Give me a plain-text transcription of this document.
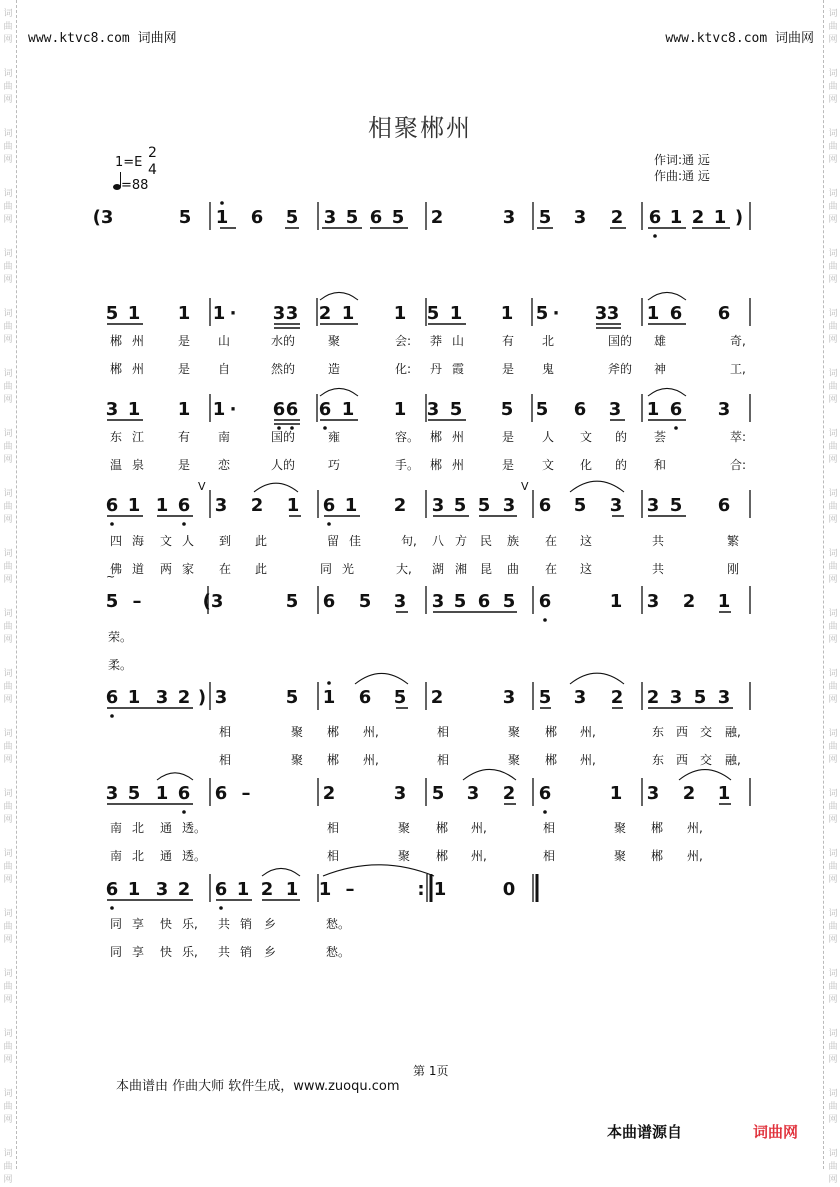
词
曲
网
词
曲
网
词
曲
网
词
曲
网
词
曲
网
词
曲
网
词
曲
网
词
曲
网
词
曲
网
词
曲
网
词
曲
网
词
曲
网
词
曲
网
词
曲
网
词
曲
网
词
曲
网
词
曲
网
词
曲
网
词
曲
网
词
曲
网
词
曲
网
词
曲
网
词
曲
网
词
曲
网
词
曲
网
词
曲
网
词
曲
网
词
曲
网
词
曲
网
词
曲
网
词
曲
网
词
曲
网
词
曲
网
词
曲
网
词
曲
网
词
曲
网
词
曲
网
词
曲
网
词
曲
网
词
曲
网
www.ktvc8.com 词曲网	www.ktvc8.com 词曲网
相聚郴州
1=E
2
4
=88
作词:通 远
作曲:通 远
(3	5 1 6 5 3 5 6 5 2	3 5 3 2 6 1 2 1 )
5 1 1 1 · 3 3 2 1 1 5 1 1 5 · 3 3 1 6 6
3 1 1 1 · 6 6 6 1 1 3 5 5 5 6 3 1 6 3
6 1 1 6 3 2 1 6 1 2 3 5 5 3 6 5 3 3 5 6
V	V
5 –	(3	5 6 5 3 3 5 6 5 6	1 3 2 1
~
6 1 3 2 ) 3	5 1 6 5 2	3 5 3 2 2 3 5 3
3 5 1 6 6 –	2	3 5 3 2 6	1 3 2 1
6 1 3 2 6 1 2 1 1 –	: 1	0
郴 州	是 山	水的	聚	会: 莽 山	有 北	国的 雄	奇,
郴 州	是 自	然的	造	化: 丹 霞	是 鬼	斧的 神	工,
东 江	有 南	国的	雍	容。 郴 州	是 人 文 的 荟	萃:
温 泉	是 恋	人的	巧	手。 郴 州	是 文 化 的 和	合:
四 海 文 人 到 此	留 佳	句, 八 方 民 族 在 这	共	繁
佛 道 两 家 在 此	同 光	大, 湖 湘 昆 曲 在 这	共	刚
荣。
柔。
相	聚 郴 州,	相	聚 郴 州,	东 西 交 融,
相	聚 郴 州,	相	聚 郴 州,	东 西 交 融,
南 北 通 透。	相	聚 郴 州,	相	聚 郴 州,
南 北 通 透。	相	聚 郴 州,	相	聚 郴 州,
同 享 快 乐, 共 销 乡	愁。
同 享 快 乐, 共 销 乡	愁。
第 1页
本曲谱由 作曲大师 软件生成，www.zuoqu.com
本曲谱源自	词曲网
